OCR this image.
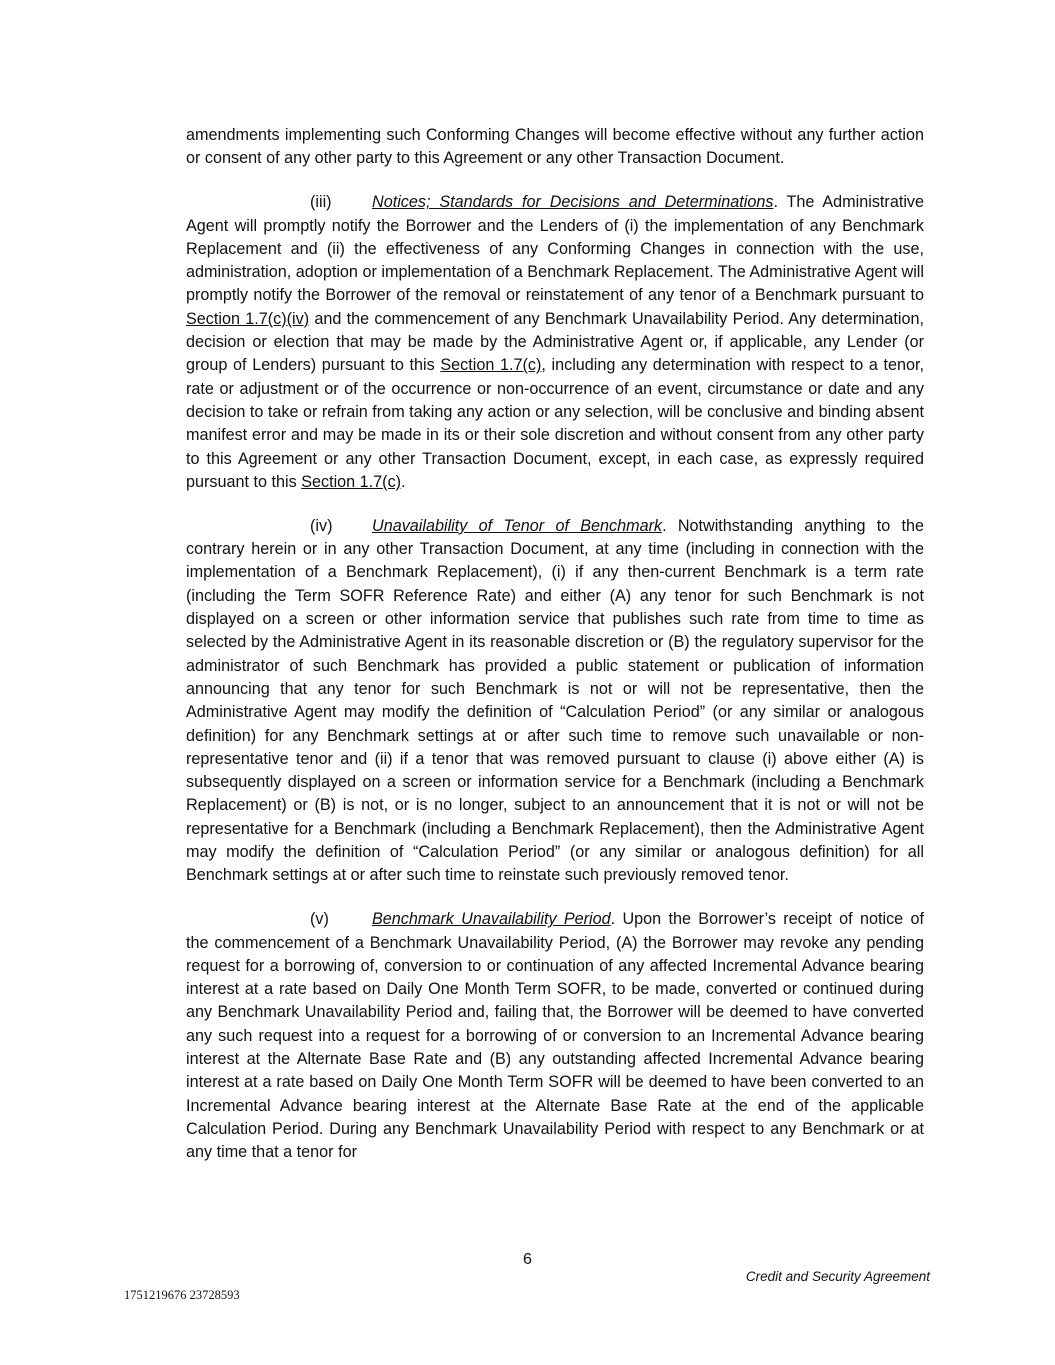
amendments implementing such Conforming Changes will become effective without any further action or consent of any other party to this Agreement or any other Transaction Document.

(iii) Notices; Standards for Decisions and Determinations. The Administrative Agent will promptly notify the Borrower and the Lenders of (i) the implementation of any Benchmark Replacement and (ii) the effectiveness of any Conforming Changes in connection with the use, administration, adoption or implementation of a Benchmark Replacement. The Administrative Agent will promptly notify the Borrower of the removal or reinstatement of any tenor of a Benchmark pursuant to Section 1.7(c)(iv) and the commencement of any Benchmark Unavailability Period. Any determination, decision or election that may be made by the Administrative Agent or, if applicable, any Lender (or group of Lenders) pursuant to this Section 1.7(c), including any determination with respect to a tenor, rate or adjustment or of the occurrence or non-occurrence of an event, circumstance or date and any decision to take or refrain from taking any action or any selection, will be conclusive and binding absent manifest error and may be made in its or their sole discretion and without consent from any other party to this Agreement or any other Transaction Document, except, in each case, as expressly required pursuant to this Section 1.7(c).

(iv) Unavailability of Tenor of Benchmark. Notwithstanding anything to the contrary herein or in any other Transaction Document, at any time (including in connection with the implementation of a Benchmark Replacement), (i) if any then-current Benchmark is a term rate (including the Term SOFR Reference Rate) and either (A) any tenor for such Benchmark is not displayed on a screen or other information service that publishes such rate from time to time as selected by the Administrative Agent in its reasonable discretion or (B) the regulatory supervisor for the administrator of such Benchmark has provided a public statement or publication of information announcing that any tenor for such Benchmark is not or will not be representative, then the Administrative Agent may modify the definition of “Calculation Period” (or any similar or analogous definition) for any Benchmark settings at or after such time to remove such unavailable or non-representative tenor and (ii) if a tenor that was removed pursuant to clause (i) above either (A) is subsequently displayed on a screen or information service for a Benchmark (including a Benchmark Replacement) or (B) is not, or is no longer, subject to an announcement that it is not or will not be representative for a Benchmark (including a Benchmark Replacement), then the Administrative Agent may modify the definition of “Calculation Period” (or any similar or analogous definition) for all Benchmark settings at or after such time to reinstate such previously removed tenor.

(v)	Benchmark Unavailability Period. Upon the Borrower’s receipt of notice of the commencement of a Benchmark Unavailability Period, (A) the Borrower may revoke any pending request for a borrowing of, conversion to or continuation of any affected Incremental Advance bearing interest at a rate based on Daily One Month Term SOFR, to be made, converted or continued during any Benchmark Unavailability Period and, failing that, the Borrower will be deemed to have converted any such request into a request for a borrowing of or conversion to an Incremental Advance bearing interest at the Alternate Base Rate and (B) any outstanding affected Incremental Advance bearing interest at a rate based on Daily One Month Term SOFR will be deemed to have been converted to an Incremental Advance bearing interest at the Alternate Base Rate at the end of the applicable Calculation Period. During any Benchmark Unavailability Period with respect to any Benchmark or at any time that a tenor for

6
Credit and Security Agreement
1751219676 23728593
